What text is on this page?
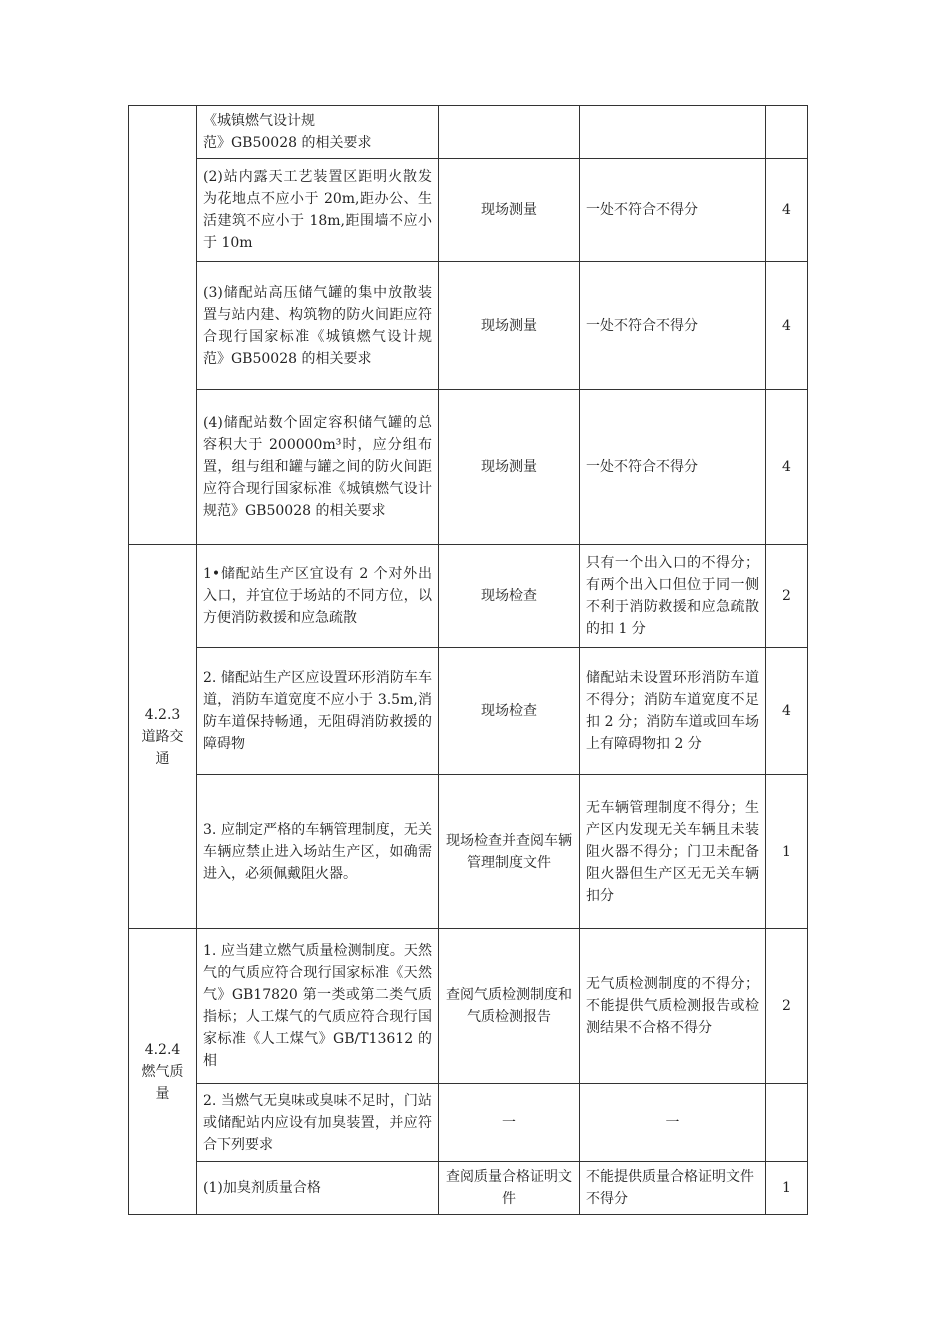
	《城镇燃气设计规
范》GB50028 的相关要求			
	(2)站内露天工艺装置区距明火散发为花地点不应小于 20m,距办公、生活建筑不应小于 18m,距围墙不应小于 10m	现场测量	一处不符合不得分	4
	(3)储配站高压储气罐的集中放散装置与站内建、构筑物的防火间距应符合现行国家标准《城镇燃气设计规范》GB50028 的相关要求	现场测量	一处不符合不得分	4
	(4)储配站数个固定容积储气罐的总容积大于 200000m³时，应分组布置，组与组和罐与罐之间的防火间距应符合现行国家标准《城镇燃气设计规范》GB50028 的相关要求	现场测量	一处不符合不得分	4
4.2.3
道路交
通	1•储配站生产区宜设有 2 个对外出入口，并宜位于场站的不同方位，以方便消防救援和应急疏散	现场检查	只有一个出入口的不得分；有两个出入口但位于同一侧不利于消防救援和应急疏散的扣 1 分	2
	2. 储配站生产区应设置环形消防车车道，消防车道宽度不应小于 3.5m,消防车道保持畅通，无阻碍消防救援的障碍物	现场检查	储配站未设置环形消防车道不得分；消防车道宽度不足扣 2 分；消防车道或回车场上有障碍物扣 2 分	4
	3. 应制定严格的车辆管理制度，无关车辆应禁止进入场站生产区，如确需进入，必须佩戴阻火器。	现场检查并查阅车辆管理制度文件	无车辆管理制度不得分；生产区内发现无关车辆且未装阻火器不得分；门卫未配备阻火器但生产区无无关车辆扣分	1
4.2.4
燃气质
量	1. 应当建立燃气质量检测制度。天然气的气质应符合现行国家标准《天然气》GB17820 第一类或第二类气质指标；人工煤气的气质应符合现行国家标准《人工煤气》GB/T13612 的相	查阅气质检测制度和气质检测报告	无气质检测制度的不得分；不能提供气质检测报告或检测结果不合格不得分	2
	2. 当燃气无臭味或臭味不足时，门站或储配站内应设有加臭装置，并应符合下列要求	一	一	
	(1)加臭剂质量合格	查阅质量合格证明文件	不能提供质量合格证明文件不得分	1
